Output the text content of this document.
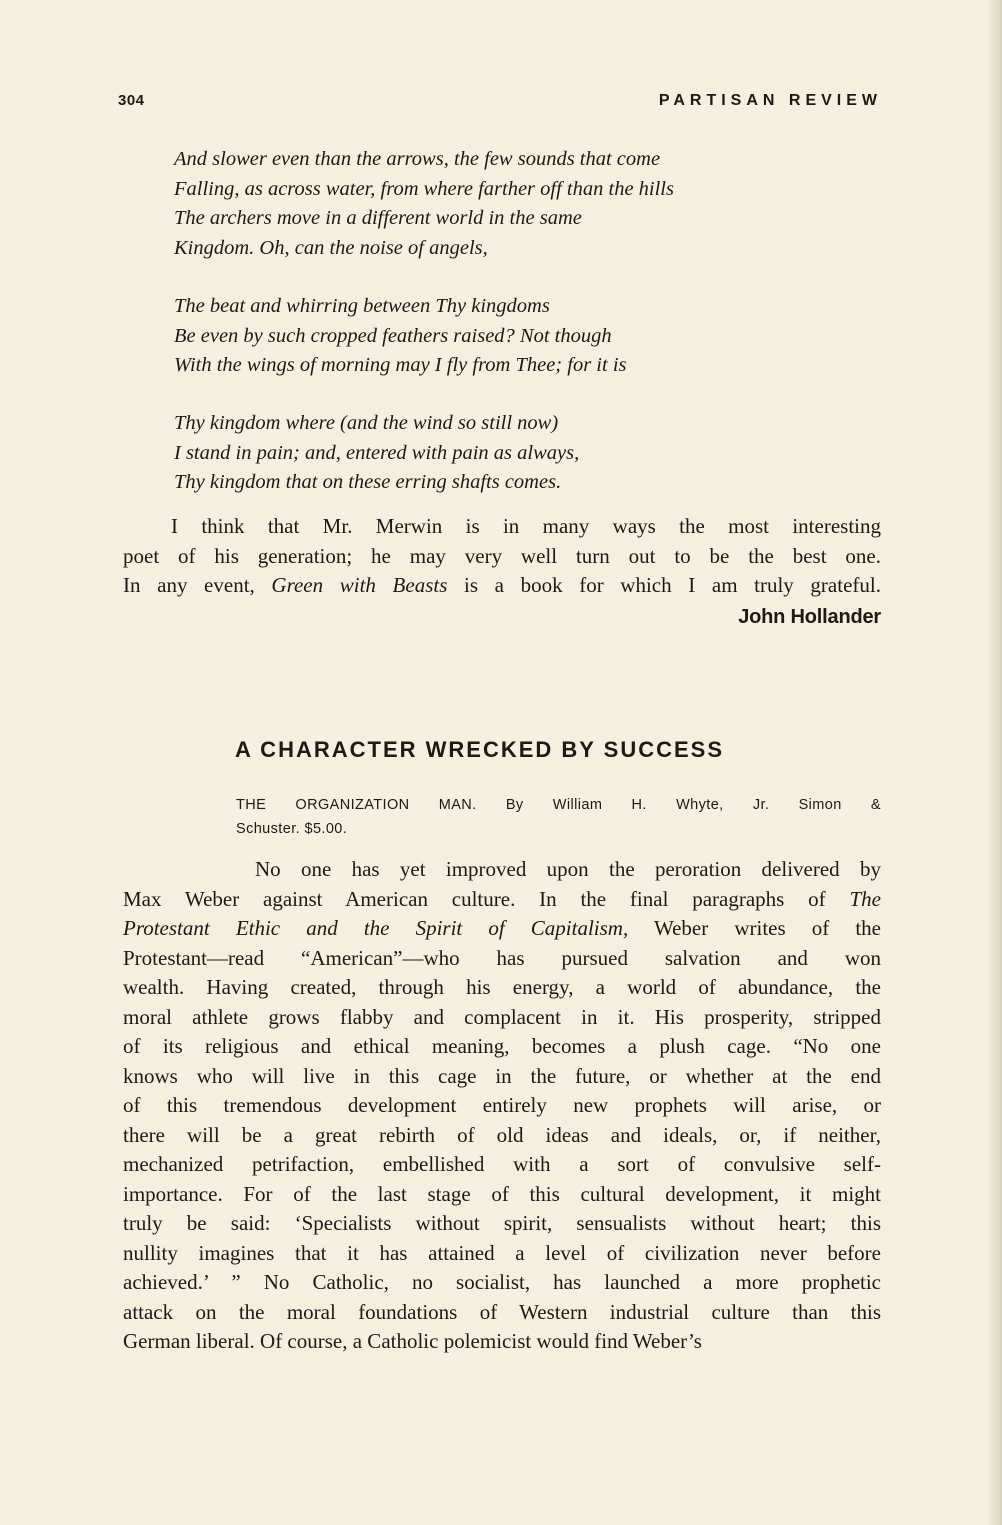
304	PARTISAN REVIEW
And slower even than the arrows, the few sounds that come
Falling, as across water, from where farther off than the hills
The archers move in a different world in the same
Kingdom. Oh, can the noise of angels,
The beat and whirring between Thy kingdoms
Be even by such cropped feathers raised? Not though
With the wings of morning may I fly from Thee; for it is
Thy kingdom where (and the wind so still now)
I stand in pain; and, entered with pain as always,
Thy kingdom that on these erring shafts comes.
I think that Mr. Merwin is in many ways the most interesting
poet of his generation; he may very well turn out to be the best one.
In any event, Green with Beasts is a book for which I am truly grateful.
John Hollander
A CHARACTER WRECKED BY SUCCESS
THE ORGANIZATION MAN. By William H. Whyte, Jr. Simon &
Schuster. $5.00.
No one has yet improved upon the peroration delivered by
Max Weber against American culture. In the final paragraphs of The
Protestant Ethic and the Spirit of Capitalism, Weber writes of the
Protestant—read “American”—who has pursued salvation and won
wealth. Having created, through his energy, a world of abundance, the
moral athlete grows flabby and complacent in it. His prosperity, stripped
of its religious and ethical meaning, becomes a plush cage. “No one
knows who will live in this cage in the future, or whether at the end
of this tremendous development entirely new prophets will arise, or
there will be a great rebirth of old ideas and ideals, or, if neither,
mechanized petrifaction, embellished with a sort of convulsive self-
importance. For of the last stage of this cultural development, it might
truly be said: ‘Specialists without spirit, sensualists without heart; this
nullity imagines that it has attained a level of civilization never before
achieved.’ ” No Catholic, no socialist, has launched a more prophetic
attack on the moral foundations of Western industrial culture than this
German liberal. Of course, a Catholic polemicist would find Weber’s
